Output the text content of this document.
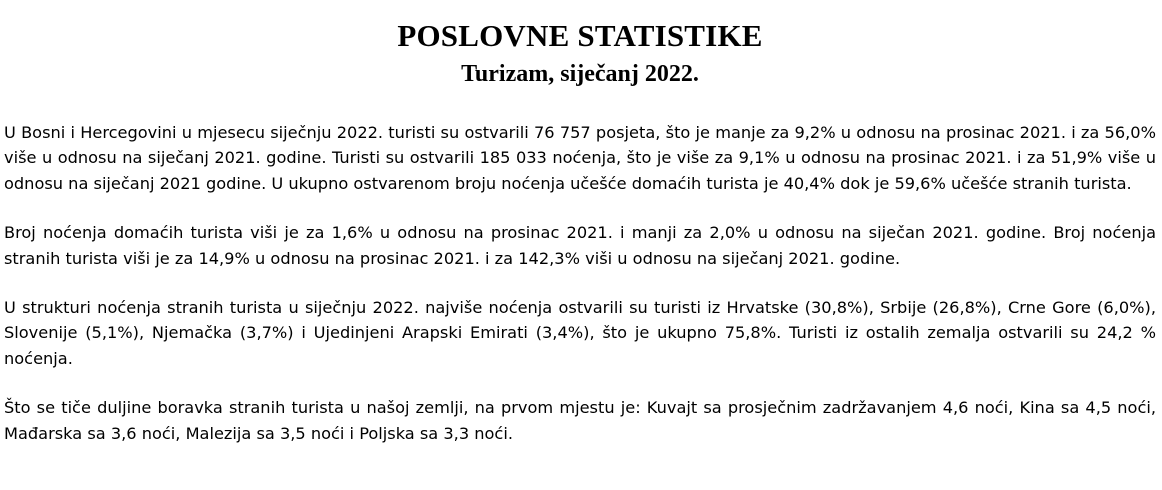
POSLOVNE STATISTIKE
Turizam, siječanj 2022.

U Bosni i Hercegovini u mjesecu siječnju 2022. turisti su ostvarili 76 757 posjeta, što je manje za 9,2% u odnosu na prosinac 2021. i za 56,0% više u odnosu na siječanj 2021. godine. Turisti su ostvarili 185 033 noćenja, što je više za 9,1% u odnosu na prosinac 2021. i za 51,9% više u odnosu na siječanj 2021 godine. U ukupno ostvarenom broju noćenja učešće domaćih turista je 40,4% dok je 59,6% učešće stranih turista.

Broj noćenja domaćih turista viši je za 1,6% u odnosu na prosinac 2021. i manji za 2,0% u odnosu na siječan 2021. godine. Broj noćenja stranih turista viši je za 14,9% u odnosu na prosinac 2021. i za 142,3% viši u odnosu na siječanj 2021. godine.

U strukturi noćenja stranih turista u siječnju 2022. najviše noćenja ostvarili su turisti iz Hrvatske (30,8%), Srbije (26,8%), Crne Gore (6,0%), Slovenije (5,1%), Njemačka (3,7%) i Ujedinjeni Arapski Emirati (3,4%), što je ukupno 75,8%. Turisti iz ostalih zemalja ostvarili su 24,2 % noćenja.

Što se tiče duljine boravka stranih turista u našoj zemlji, na prvom mjestu je: Kuvajt sa prosječnim zadržavanjem 4,6 noći, Kina sa 4,5 noći, Mađarska sa 3,6 noći, Malezija sa 3,5 noći i Poljska sa 3,3 noći.
